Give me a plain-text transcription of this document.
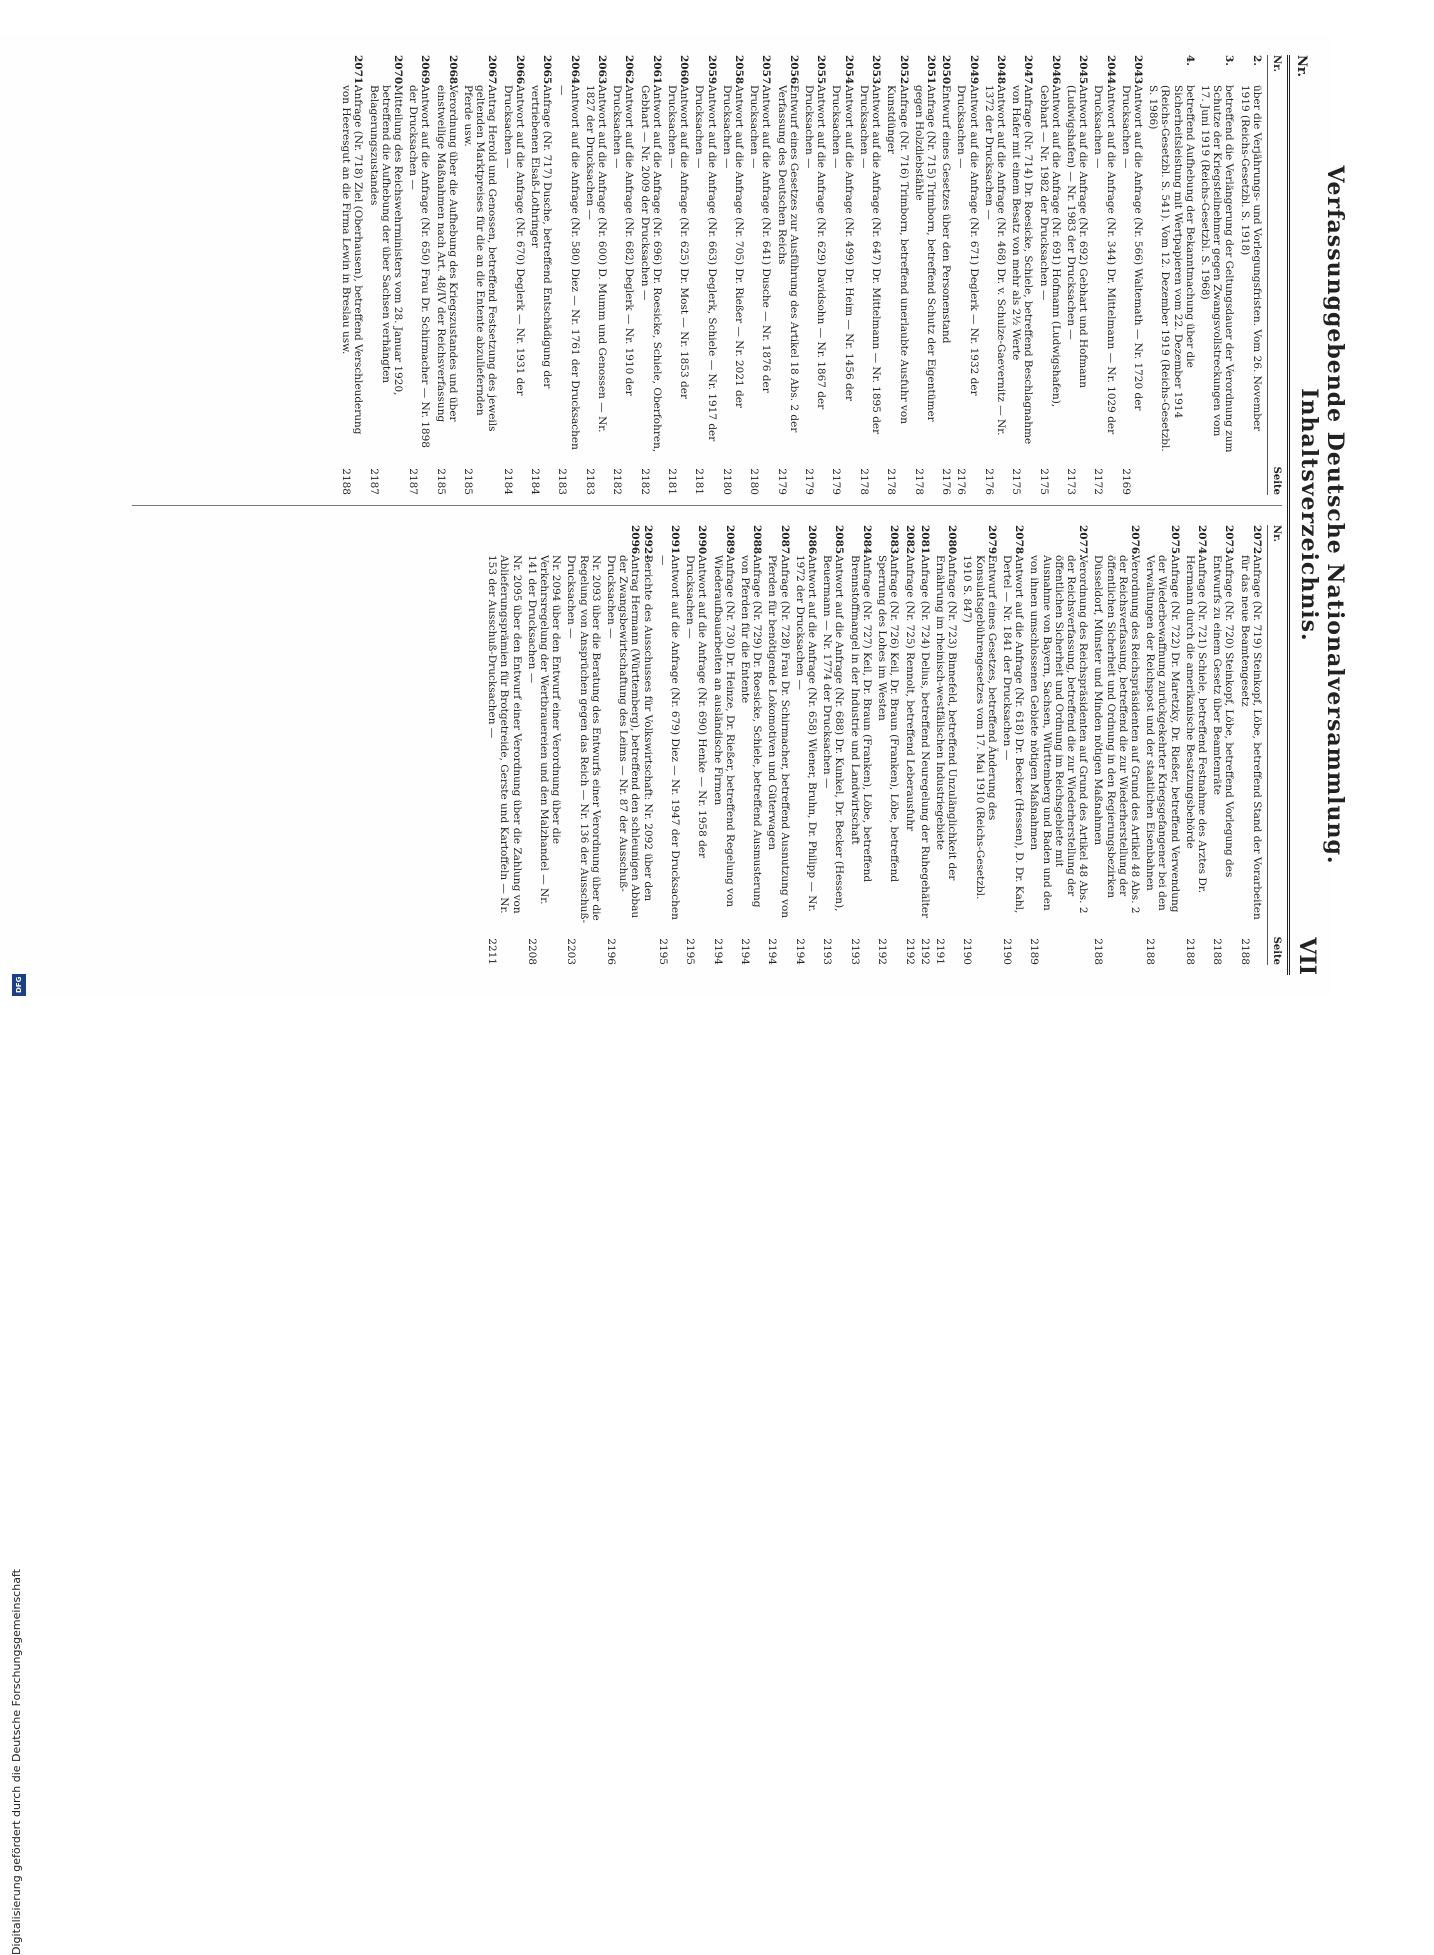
Nr.
Verfassunggebende Deutsche Nationalversammlung. Inhaltsverzeichnis.
VII
Nr.
Seite
2.
über die Verjährungs- und Vorlegungsfristen. Vom 26. November 1919 (Reichs-Gesetzbl. S. 1918)
3.
betreffend die Verlängerung der Geltungsdauer der Verordnung zum Schutze der Kriegsteilnehmer gegen Zwangsvollstreckungen vom 17. Juni 1919 (Reichs-Gesetzbl. S. 1968)
4.
betreffend Aufhebung der Bekanntmachung über die Sicherheitsleistung mit Wertpapieren vom 22. Dezember 1914 (Reichs-Gesetzbl. S. 541). Vom 12. Dezember 1919 (Reichs-Gesetzbl. S. 1986)
2043.
Antwort auf die Anfrage (Nr. 566) Waltemath — Nr. 1720 der Drucksachen —
2169
2044.
Antwort auf die Anfrage (Nr. 344) Dr. Mittelmann — Nr. 1029 der Drucksachen —
2172
2045.
Antwort auf die Anfrage (Nr. 692) Gebhart und Hofmann (Ludwigshafen) — Nr. 1983 der Drucksachen —
2173
2046.
Antwort auf die Anfrage (Nr. 691) Hofmann (Ludwigshafen), Gebhart — Nr. 1982 der Drucksachen —
2175
2047.
Anfrage (Nr. 714) Dr. Roesicke, Schiele, betreffend Beschlagnahme von Hafer mit einem Besatz von mehr als 2½ Werte
2175
2048.
Antwort auf die Anfrage (Nr. 468) Dr. v. Schulze-Gaevernitz — Nr. 1372 der Drucksachen —
2176
2049.
Antwort auf die Anfrage (Nr. 671) Deglerk — Nr. 1932 der Drucksachen —
2176
2050.
Entwurf eines Gesetzes über den Personenstand
2176
2051.
Anfrage (Nr. 715) Trimborn, betreffend Schutz der Eigentümer gegen Holzdiebstähle
2178
2052.
Anfrage (Nr. 716) Trimborn, betreffend unerlaubte Ausfuhr von Kunstdünger
2178
2053.
Antwort auf die Anfrage (Nr. 647) Dr. Mittelmann — Nr. 1895 der Drucksachen —
2178
2054.
Antwort auf die Anfrage (Nr. 499) Dr. Heim — Nr. 1456 der Drucksachen —
2179
2055.
Antwort auf die Anfrage (Nr. 629) Davidsohn — Nr. 1867 der Drucksachen —
2179
2056.
Entwurf eines Gesetzes zur Ausführung des Artikel 18 Abs. 2 der Verfassung des Deutschen Reichs
2179
2057.
Antwort auf die Anfrage (Nr. 641) Dusche — Nr. 1876 der Drucksachen —
2180
2058.
Antwort auf die Anfrage (Nr. 705) Dr. Rießer — Nr. 2021 der Drucksachen —
2180
2059.
Antwort auf die Anfrage (Nr. 663) Deglerk, Schiele — Nr. 1917 der Drucksachen —
2181
2060.
Antwort auf die Anfrage (Nr. 625) Dr. Most — Nr. 1853 der Drucksachen —
2181
2061.
Antwort auf die Anfrage (Nr. 696) Dr. Roesicke, Schiele, Oberfohren, Gebhart — Nr. 2009 der Drucksachen —
2182
2062.
Antwort auf die Anfrage (Nr. 682) Deglerk — Nr. 1910 der Drucksachen —
2182
2063.
Antwort auf die Anfrage (Nr. 600) D. Mumm und Genossen — Nr. 1827 der Drucksachen —
2183
2064.
Antwort auf die Anfrage (Nr. 580) Diez — Nr. 1761 der Drucksachen —
2183
2065.
Anfrage (Nr. 717) Dusche, betreffend Entschädigung der vertriebenen Elsaß-Lothringer
2184
2066.
Antwort auf die Anfrage (Nr. 670) Deglerk — Nr. 1931 der Drucksachen —
2184
2067.
Antrag Herold und Genossen, betreffend Festsetzung des jeweils geltenden Marktpreises für die an die Entente abzuliefernden Pferde usw.
2185
2068.
Verordnung über die Aufhebung des Kriegszustandes und über einstweilige Maßnahmen nach Art. 48/IV der Reichsverfassung
2185
2069.
Antwort auf die Anfrage (Nr. 650) Frau Dr. Schirmacher — Nr. 1898 der Drucksachen —
2187
2070.
Mitteilung des Reichswehrministers vom 28. Januar 1920, betreffend die Aufhebung der über Sachsen verhängten Belagerungszustandes
2187
2071.
Anfrage (Nr. 718) Ziel (Oberhausen), betreffend Verschleuderung von Heeresgut an die Firma Lewin in Breslau usw.
2188
Nr.
Seite
2072.
Anfrage (Nr. 719) Steinkopf, Löbe, betreffend Stand der Vorarbeiten für das neue Beamtengesetz
2188
2073.
Anfrage (Nr. 720) Steinkopf, Löbe, betreffend Vorlegung des Entwurfs zu einem Gesetz über Beamtenräte
2188
2074.
Anfrage (Nr. 721) Schiele, betreffend Festnahme des Arztes Dr. Hermann durch die amerikanische Besatzungsbehörde
2188
2075.
Anfrage (Nr. 722) Dr. Maretzky, Dr. Rießer, betreffend Verwendung der Wiederbewaffnung zurückgekehrter Kriegsgefangener bei den Verwaltungen der Reichspost und der staatlichen Eisenbahnen
2188
2076.
Verordnung des Reichspräsidenten auf Grund des Artikel 48 Abs. 2 der Reichsverfassung, betreffend die zur Wiederherstellung der öffentlichen Sicherheit und Ordnung in den Regierungsbezirken Düsseldorf, Münster und Minden nötigen Maßnahmen
2188
2077.
Verordnung des Reichspräsidenten auf Grund des Artikel 48 Abs. 2 der Reichsverfassung, betreffend die zur Wiederherstellung der öffentlichen Sicherheit und Ordnung im Reichsgebiete mit Ausnahme von Bayern, Sachsen, Württemberg und Baden und den von ihnen umschlossenen Gebiete nötigen Maßnahmen
2189
2078.
Antwort auf die Anfrage (Nr. 618) Dr. Becker (Hessen), D. Dr. Kahl, Dertel — Nr. 1841 der Drucksachen —
2190
2079.
Entwurf eines Gesetzes, betreffend Änderung des Konsulatsgebührengesetzes vom 17. Mai 1910 (Reichs-Gesetzbl. 1910 S. 847)
2190
2080.
Anfrage (Nr. 723) Binnefeld, betreffend Unzulänglichkeit der Ernährung im rheinisch-westfälischen Industriegebiete
2191
2081.
Anfrage (Nr. 724) Delius, betreffend Neuregelung der Ruhegehälter
2192
2082.
Anfrage (Nr. 725) Rennolt, betreffend Leberausfuhr
2192
2083.
Anfrage (Nr. 726) Keil, Dr. Braun (Franken), Löbe, betreffend Sperrung des Lohes im Westen
2192
2084.
Anfrage (Nr. 727) Keil, Dr. Braun (Franken), Löbe, betreffend Brennstoffmangel in der Industrie und Landwirtschaft
2193
2085.
Antwort auf die Anfrage (Nr. 688) Dr. Kunkel, Dr. Becker (Hessen), Beuermann — Nr. 1774 der Drucksachen —
2193
2086.
Antwort auf die Anfrage (Nr. 658) Wiener, Bruhn, Dr. Philipp — Nr. 1972 der Drucksachen —
2194
2087.
Anfrage (Nr. 728) Frau Dr. Schirmacher, betreffend Ausnutzung von Pferden für benötigende Lokomotiven und Güterwagen
2194
2088.
Anfrage (Nr. 729) Dr. Roesicke, Schiele, betreffend Ausmusterung von Pferden für die Entente
2194
2089.
Anfrage (Nr. 730) Dr. Heinze, Dr. Rießer, betreffend Regelung von Wiederaufbauarbeiten an ausländische Firmen
2194
2090.
Antwort auf die Anfrage (Nr. 690) Henke — Nr. 1958 der Drucksachen —
2195
2091.
Antwort auf die Anfrage (Nr. 679) Diez — Nr. 1947 der Drucksachen —
2195
2092–2096.
Berichte des Ausschusses für Volkswirtschaft: Nr. 2092 über den Antrag Hermann (Württemberg), betreffend den schleunigen Abbau der Zwangsbewirtschaftung des Leims — Nr. 87 der Ausschuß-Drucksachen —
2196
Nr. 2093 über die Beratung des Entwurfs einer Verordnung über die Regelung von Ansprüchen gegen das Reich — Nr. 136 der Ausschuß-Drucksachen —
2203
Nr. 2094 über den Entwurf einer Verordnung über die Verkehrsregelung der Wertbrauereien und den Malzhandel — Nr. 141 der Drucksachen —
2208
Nr. 2095 über den Entwurf einer Verordnung über die Zahlung von Ablieferungsprämien für Brotgetreide, Gerste und Kartoffeln — Nr. 153 der Ausschuß-Drucksachen —
2211
Digitalisierung gefördert durch die Deutsche Forschungsgemeinschaft
DFG
